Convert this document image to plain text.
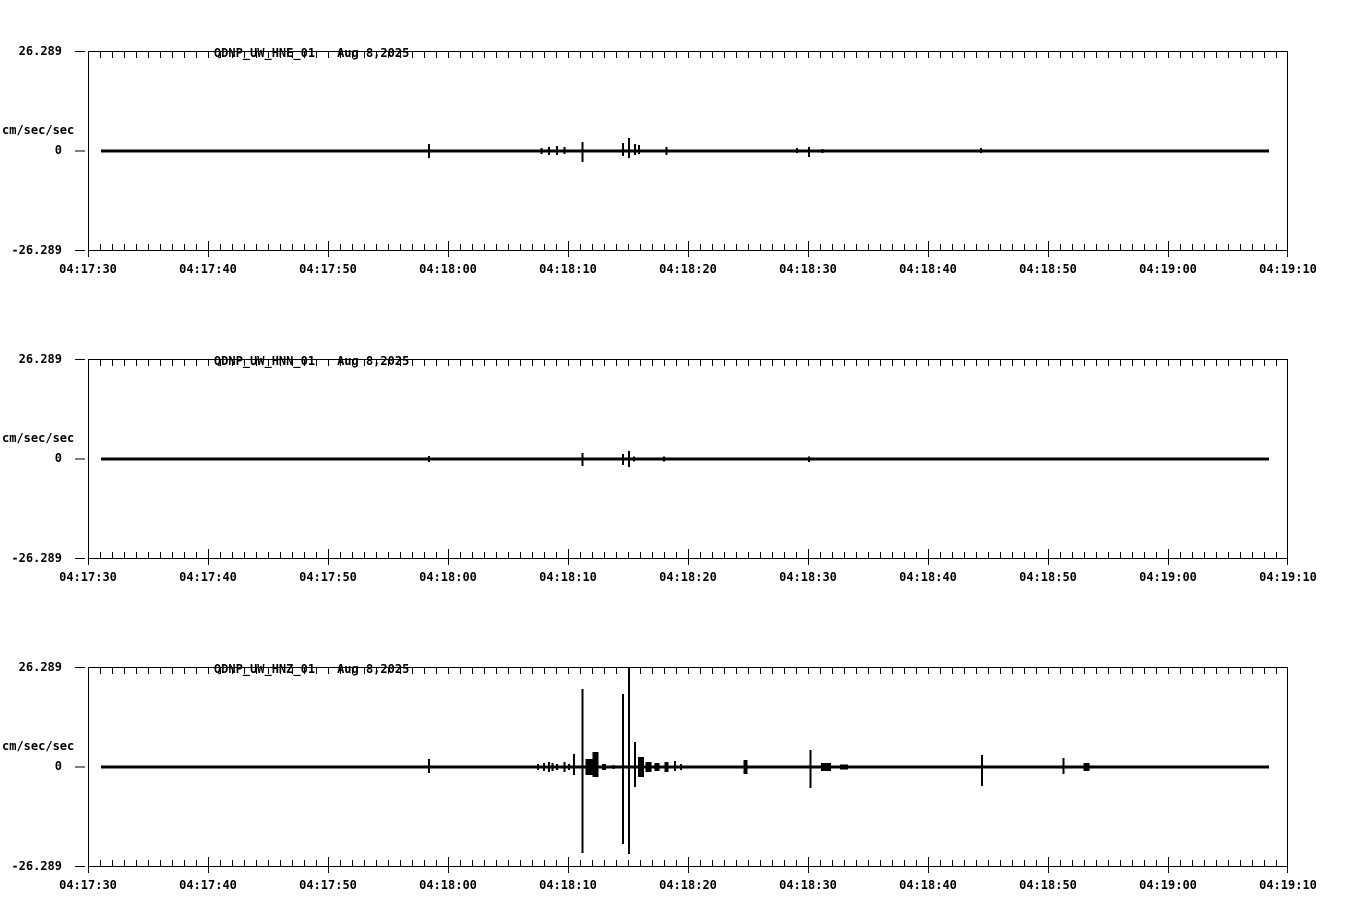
QDNP_UW_HNE_01 Aug 8,2025

26.289
cm/sec/sec
0
-26.289
04:17:30	04:17:40	04:17:50	04:18:00	04:18:10	04:18:20	04:18:30	04:18:40	04:18:50	04:19:00	04:19:10

QDNP_UW_HNN_01 Aug 8,2025

26.289
cm/sec/sec
0
-26.289
04:17:30	04:17:40	04:17:50	04:18:00	04:18:10	04:18:20	04:18:30	04:18:40	04:18:50	04:19:00	04:19:10

QDNP_UW_HNZ_01 Aug 8,2025

26.289
cm/sec/sec
0
-26.289
04:17:30	04:17:40	04:17:50	04:18:00	04:18:10	04:18:20	04:18:30	04:18:40	04:18:50	04:19:00	04:19:10
